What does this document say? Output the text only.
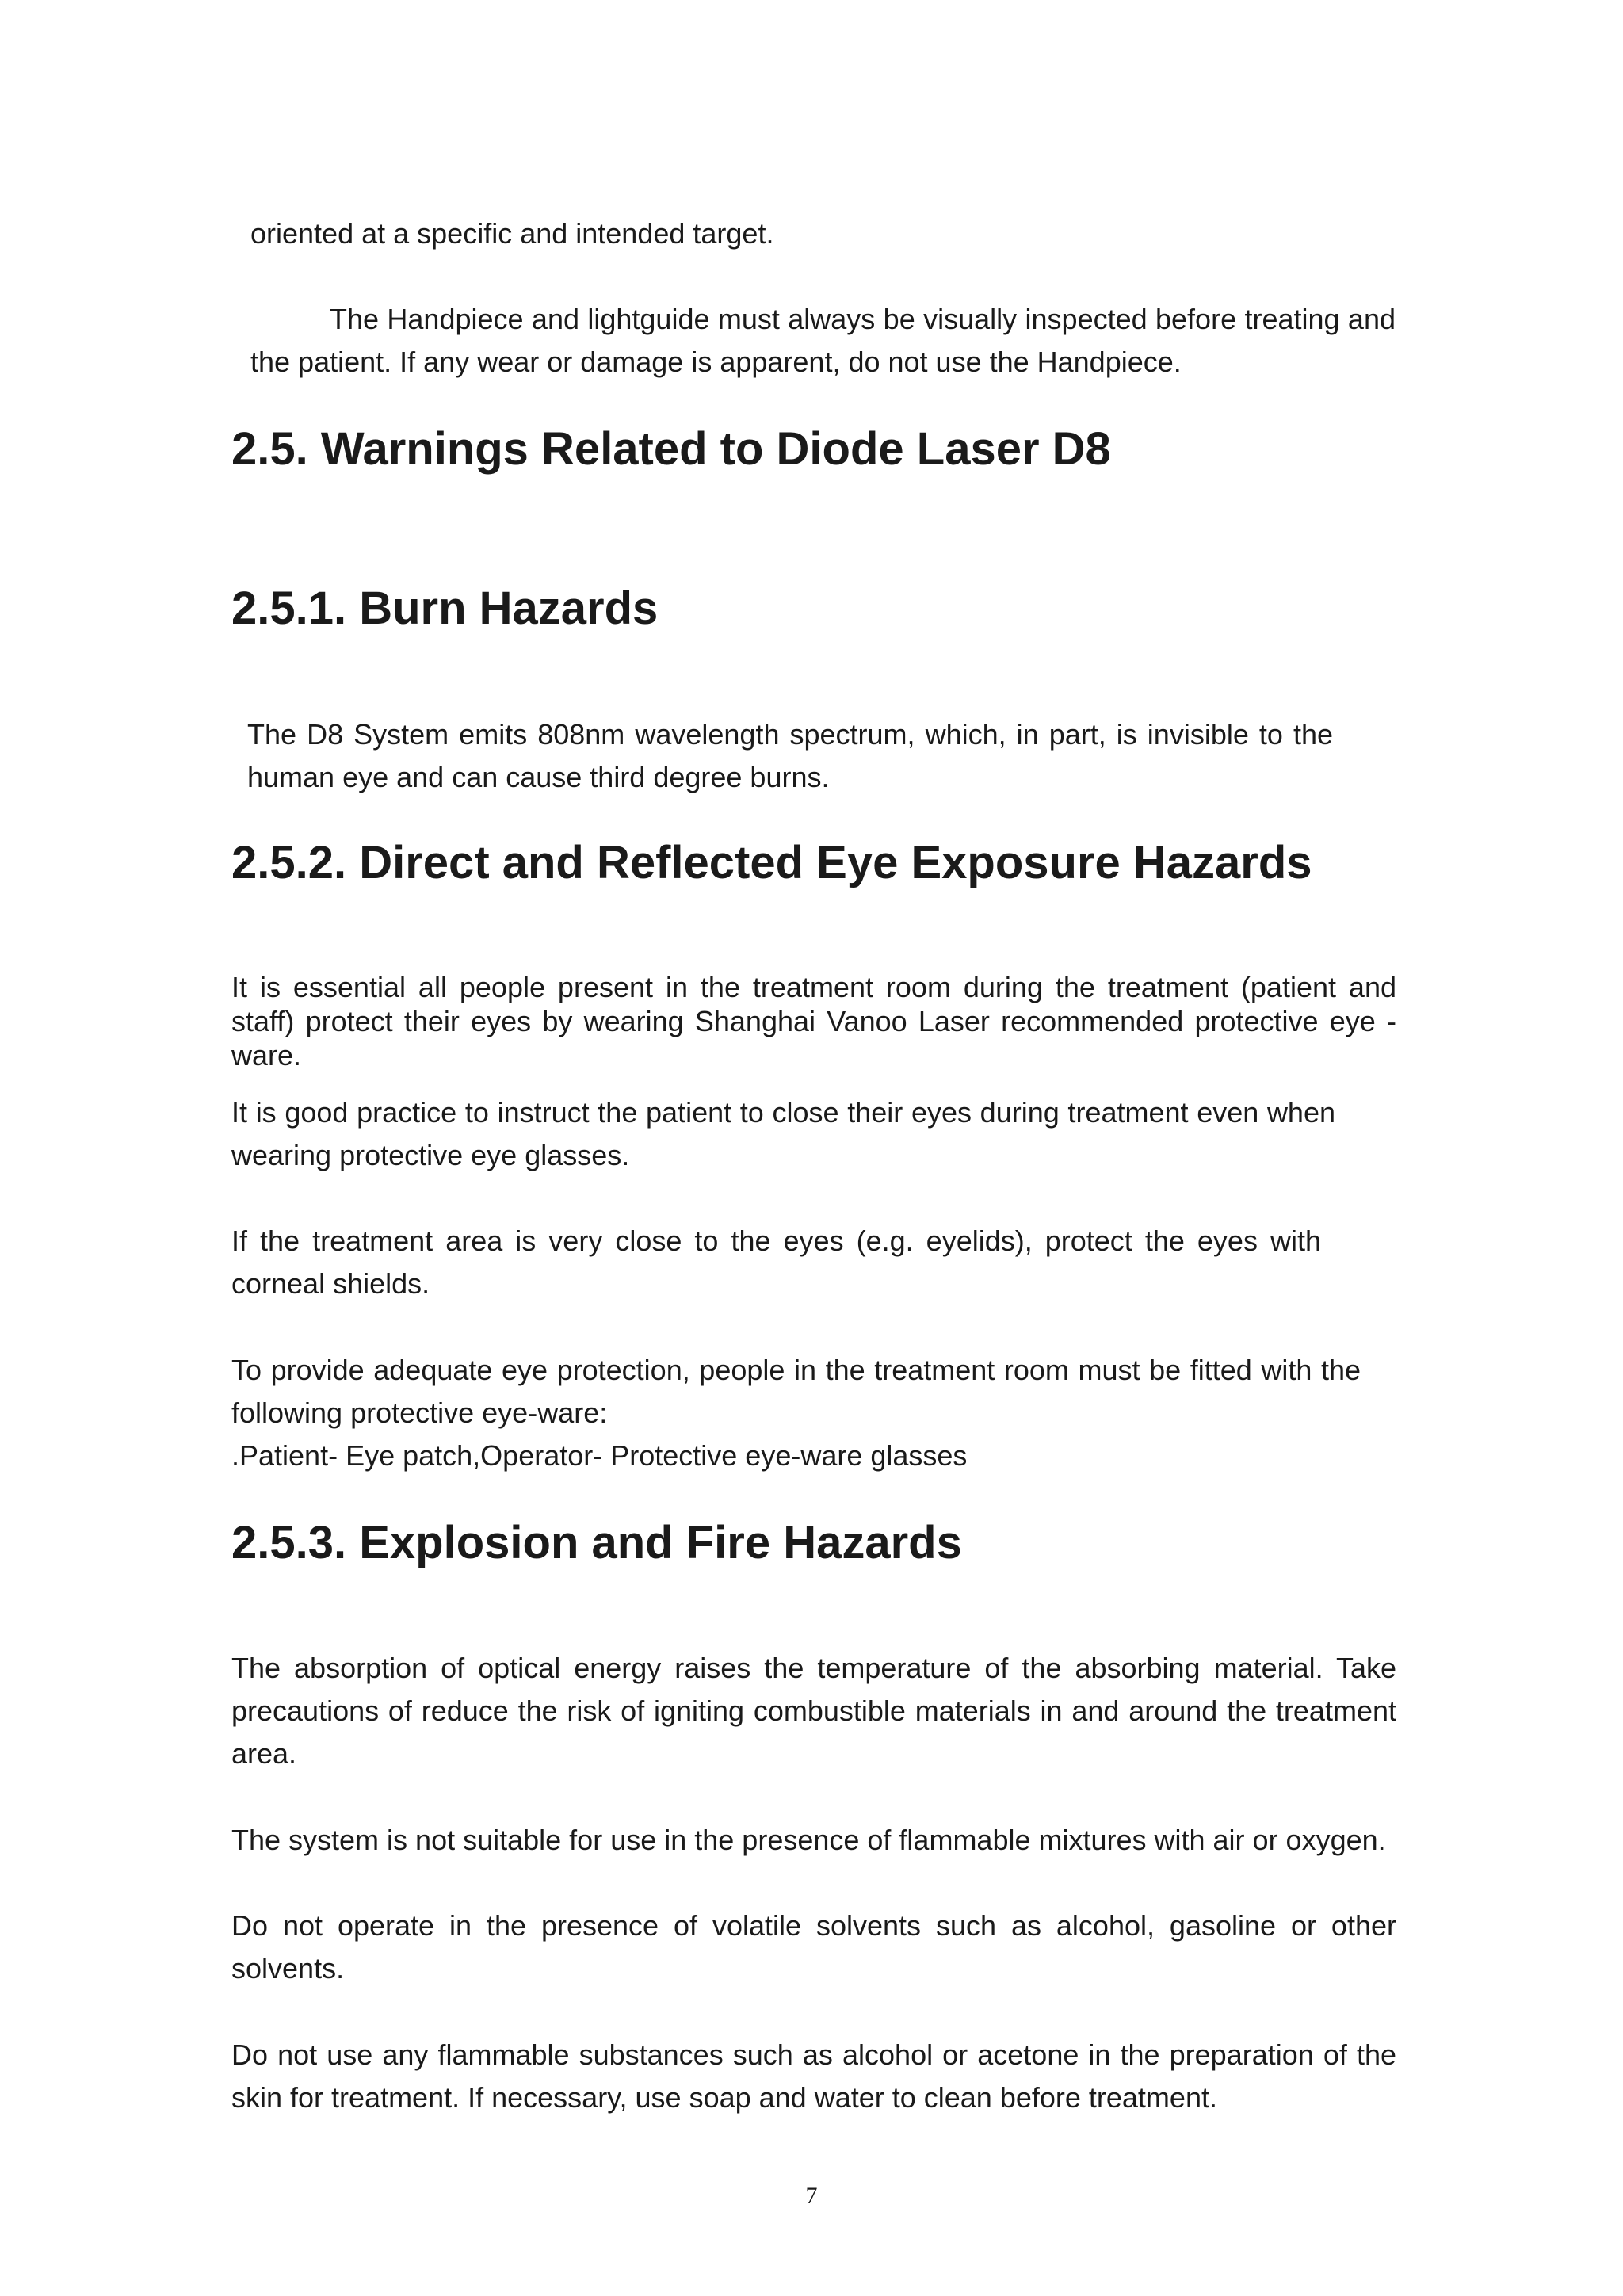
oriented at a specific and intended target.

The Handpiece and lightguide must always be visually inspected before treating and the patient. If any wear or damage is apparent, do not use the Handpiece.

2.5. Warnings Related to Diode Laser D8
2.5.1. Burn Hazards

The D8 System emits 808nm wavelength spectrum, which, in part, is invisible to the human eye and can cause third degree burns.

2.5.2. Direct and Reflected Eye Exposure Hazards

It is essential all people present in the treatment room during the treatment (patient and staff) protect their eyes by wearing Shanghai Vanoo Laser recommended protective eye - ware.

It is good practice to instruct the patient to close their eyes during treatment even when wearing protective eye glasses.

If the treatment area is very close to the eyes (e.g. eyelids), protect the eyes with corneal shields.

To provide adequate eye protection, people in the treatment room must be fitted with the following protective eye-ware:

.Patient- Eye patch,Operator- Protective eye-ware glasses

2.5.3. Explosion and Fire Hazards

The absorption of optical energy raises the temperature of the absorbing material. Take precautions of reduce the risk of igniting combustible materials in and around the treatment area.

The system is not suitable for use in the presence of flammable mixtures with air or oxygen.

Do not operate in the presence of volatile solvents such as alcohol, gasoline or other solvents.

Do not use any flammable substances such as alcohol or acetone in the preparation of the skin for treatment. If necessary, use soap and water to clean before treatment.

7
